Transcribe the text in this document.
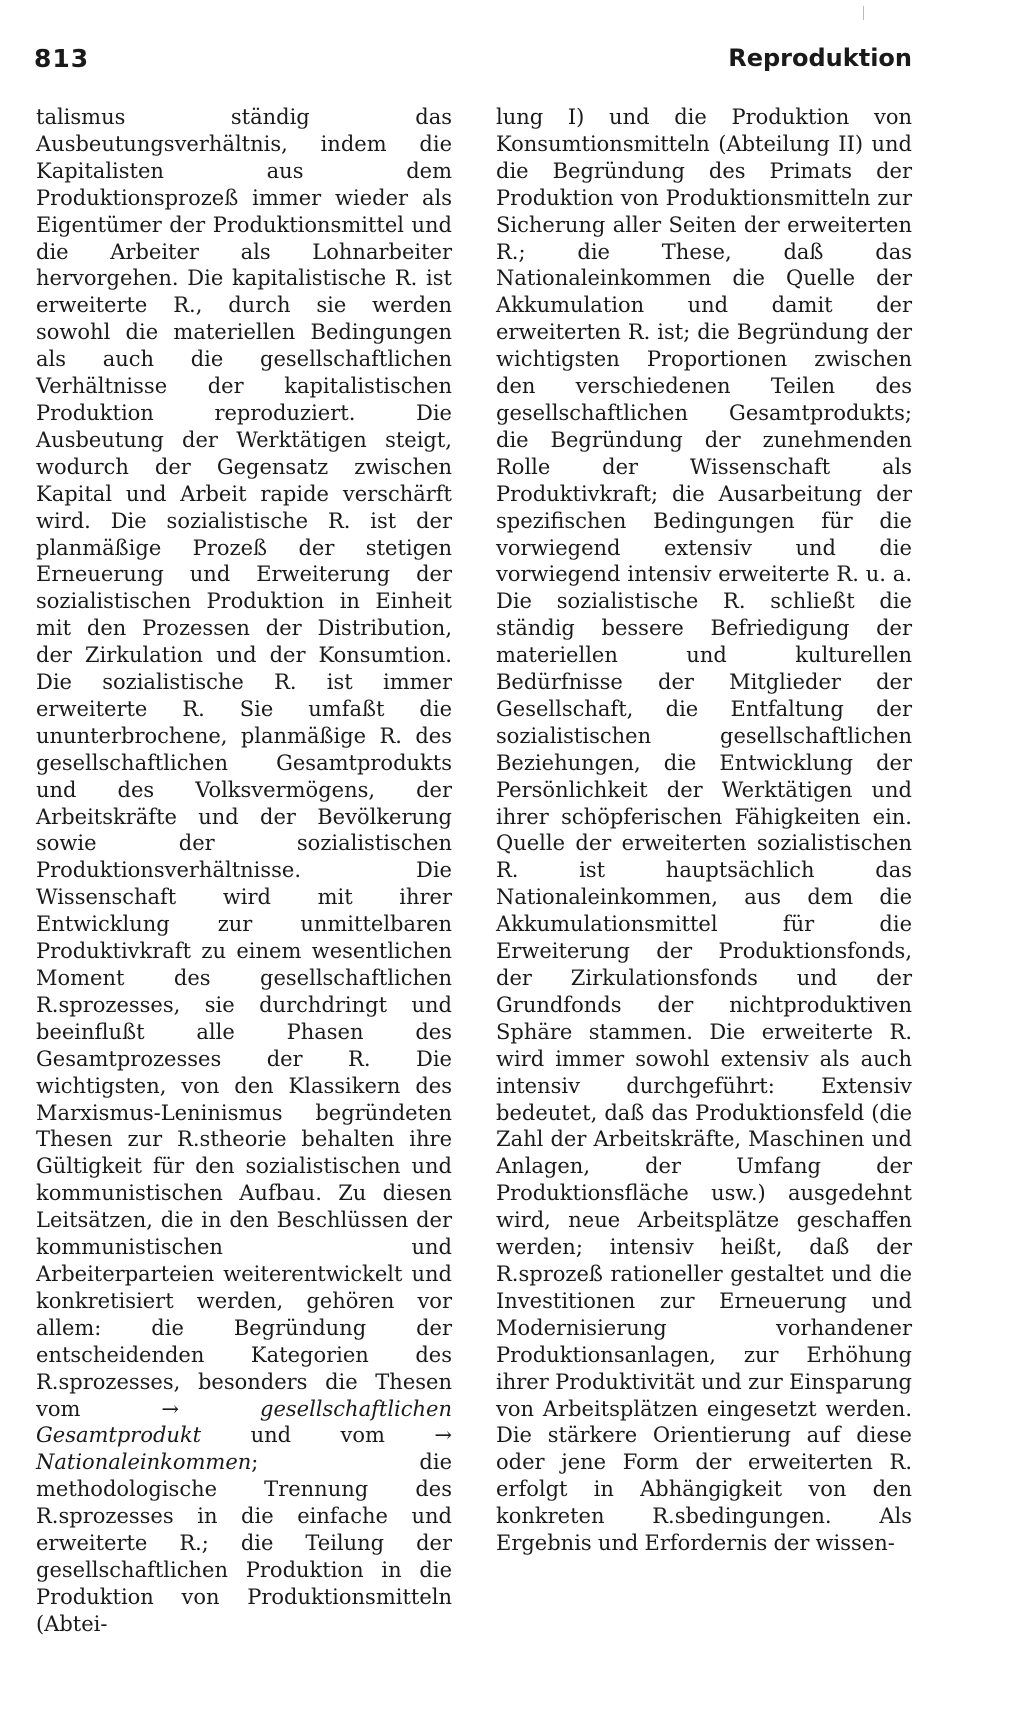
813	Reproduktion

talismus ständig das Ausbeutungsverhältnis, indem die Kapitalisten aus dem Produktionsprozeß immer wieder als Eigentümer der Produktionsmittel und die Arbeiter als Lohnarbeiter hervorgehen. Die kapitalistische R. ist erweiterte R., durch sie werden sowohl die materiellen Bedingungen als auch die gesellschaftlichen Verhältnisse der kapitalistischen Produktion reproduziert. Die Ausbeutung der Werktätigen steigt, wodurch der Gegensatz zwischen Kapital und Arbeit rapide verschärft wird. Die sozialistische R. ist der planmäßige Prozeß der stetigen Erneuerung und Erweiterung der sozialistischen Produktion in Einheit mit den Prozessen der Distribution, der Zirkulation und der Konsumtion. Die sozialistische R. ist immer erweiterte R. Sie umfaßt die ununterbrochene, planmäßige R. des gesellschaftlichen Gesamtprodukts und des Volksvermögens, der Arbeitskräfte und der Bevölkerung sowie der sozialistischen Produktionsverhältnisse. Die Wissenschaft wird mit ihrer Entwicklung zur unmittelbaren Produktivkraft zu einem wesentlichen Moment des gesellschaftlichen R.sprozesses, sie durchdringt und beeinflußt alle Phasen des Gesamtprozesses der R. Die wichtigsten, von den Klassikern des Marxismus-Leninismus begründeten Thesen zur R.stheorie behalten ihre Gültigkeit für den sozialistischen und kommunistischen Aufbau. Zu diesen Leitsätzen, die in den Beschlüssen der kommunistischen und Arbeiterparteien weiterentwickelt und konkretisiert werden, gehören vor allem: die Begründung der entscheidenden Kategorien des R.sprozesses, besonders die Thesen vom →	gesellschaftlichen Gesamtprodukt und vom → Nationaleinkommen; die methodologische Trennung des R.sprozesses in die einfache und erweiterte R.; die Teilung der gesellschaftlichen Produktion in die Produktion von Produktionsmitteln (Abtei-

lung I) und die Produktion von Konsumtionsmitteln (Abteilung II) und die Begründung des Primats der Produktion von Produktionsmitteln zur Sicherung aller Seiten der erweiterten R.; die These, daß das Nationaleinkommen die Quelle der Akkumulation und damit der erweiterten R. ist; die Begründung der wichtigsten Proportionen zwischen den verschiedenen Teilen des gesellschaftlichen Gesamtprodukts; die Begründung der zunehmenden Rolle der Wissenschaft als Produktivkraft; die Ausarbeitung der spezifischen Bedingungen für die vorwiegend extensiv und die vorwiegend intensiv erweiterte R. u. a. Die sozialistische R. schließt die ständig bessere Befriedigung der materiellen und kulturellen Bedürfnisse der Mitglieder der Gesellschaft, die Entfaltung der sozialistischen gesellschaftlichen Beziehungen, die Entwicklung der Persönlichkeit der Werktätigen und ihrer schöpferischen Fähigkeiten ein. Quelle der erweiterten sozialistischen R. ist hauptsächlich das Nationaleinkommen, aus dem die Akkumulationsmittel für die Erweiterung der Produktionsfonds, der Zirkulationsfonds und der Grundfonds der nichtproduktiven Sphäre stammen. Die erweiterte R. wird immer sowohl extensiv als auch intensiv durchgeführt: Extensiv bedeutet, daß das Produktionsfeld (die Zahl der Arbeitskräfte, Maschinen und Anlagen, der Umfang der Produktionsfläche usw.) ausgedehnt wird, neue Arbeitsplätze geschaffen werden; intensiv heißt, daß der R.sprozeß rationeller gestaltet und die Investitionen zur Erneuerung und Modernisierung vorhandener Produktionsanlagen, zur Erhöhung ihrer Produktivität und zur Einsparung von Arbeitsplätzen eingesetzt werden. Die stärkere Orientierung auf diese oder jene Form der erweiterten R. erfolgt in Abhängigkeit von den konkreten R.sbedingungen. Als Ergebnis und Erfordernis der wissen-
